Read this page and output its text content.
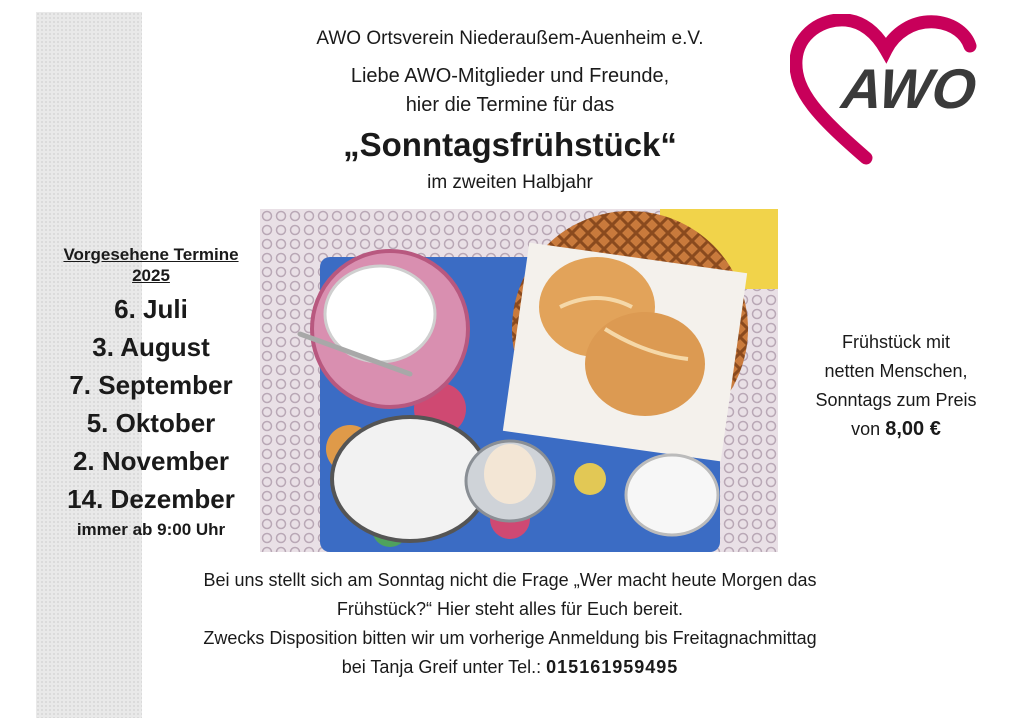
AWO Ortsverein Niederaußem-Auenheim e.V.
Liebe AWO-Mitglieder und Freunde,
hier die Termine für das
„Sonntagsfrühstück“
im zweiten Halbjahr
AWO
Vorgesehene Termine
2025
6. Juli
3. August
7. September
5. Oktober
2. November
14. Dezember
immer ab 9:00 Uhr
Frühstück mit
netten Menschen,
Sonntags zum Preis
von 8,00 €

Bei uns stellt sich am Sonntag nicht die Frage „Wer macht heute Morgen das

Frühstück?“ Hier steht alles für Euch bereit.

Zwecks Disposition bitten wir um vorherige Anmeldung bis Freitagnachmittag

bei Tanja Greif unter Tel.: 015161959495
